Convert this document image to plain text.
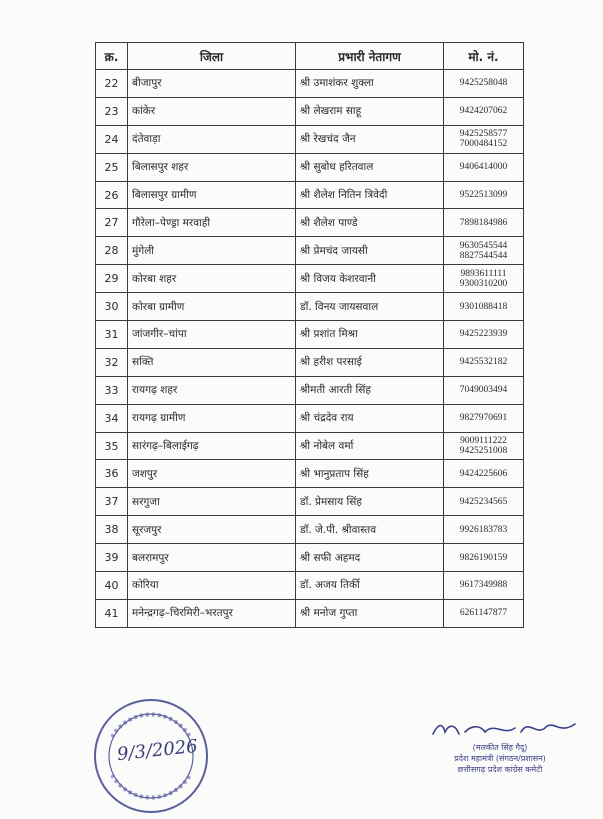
क्र.	जिला	प्रभारी नेतागण	मो. नं.
22	बीजापुर	श्री उमाशंकर शुक्ला	9425258048

23	कांकेर	श्री लेखराम साहू	9424207062

24	दंतेवाड़ा	श्री रेखचंद जैन	9425258577
7000484152

25	बिलासपुर शहर	श्री सुबोध हरितवाल	9406414000

26	बिलासपुर ग्रामीण	श्री शैलेश नितिन त्रिवेदी	9522513099

27	गौरेला–पेण्ड्रा मरवाही	श्री शैलेश पाण्डे	7898184986

28	मुंगेली	श्री प्रेमचंद जायसी	9630545544
8827544544

29	कोरबा शहर	श्री विजय केशरवानी	9893611111
9300310200

30	कोरबा ग्रामीण	डॉ. विनय जायसवाल	9301088418

31	जांजगीर–चांपा	श्री प्रशांत मिश्रा	9425223939

32	सक्ति	श्री हरीश परसाई	9425532182

33	रायगढ़ शहर	श्रीमती आरती सिंह	7049003494

34	रायगढ़ ग्रामीण	श्री चंद्रदेव राय	9827970691

35	सारंगढ़–बिलाईगढ़	श्री नोबेल वर्मा	9009111222
9425251008

36	जशपुर	श्री भानुप्रताप सिंह	9424225606

37	सरगुजा	डॉ. प्रेमसाय सिंह	9425234565

38	सूरजपुर	डॉ. जे.पी. श्रीवास्तव	9926183783

39	बलरामपुर	श्री सफी अहमद	9826190159

40	कोरिया	डॉ. अजय तिर्की	9617349988

41	मनेन्द्रगढ़–चिरमिरी–भरतपुर	श्री मनोज गुप्ता	6261147877
9/3/2026	(मलकीत सिंह गैदू)
प्रदेश महामंत्री (संगठन/प्रशासन)
छत्तीसगढ़ प्रदेश कांग्रेस कमेटी
